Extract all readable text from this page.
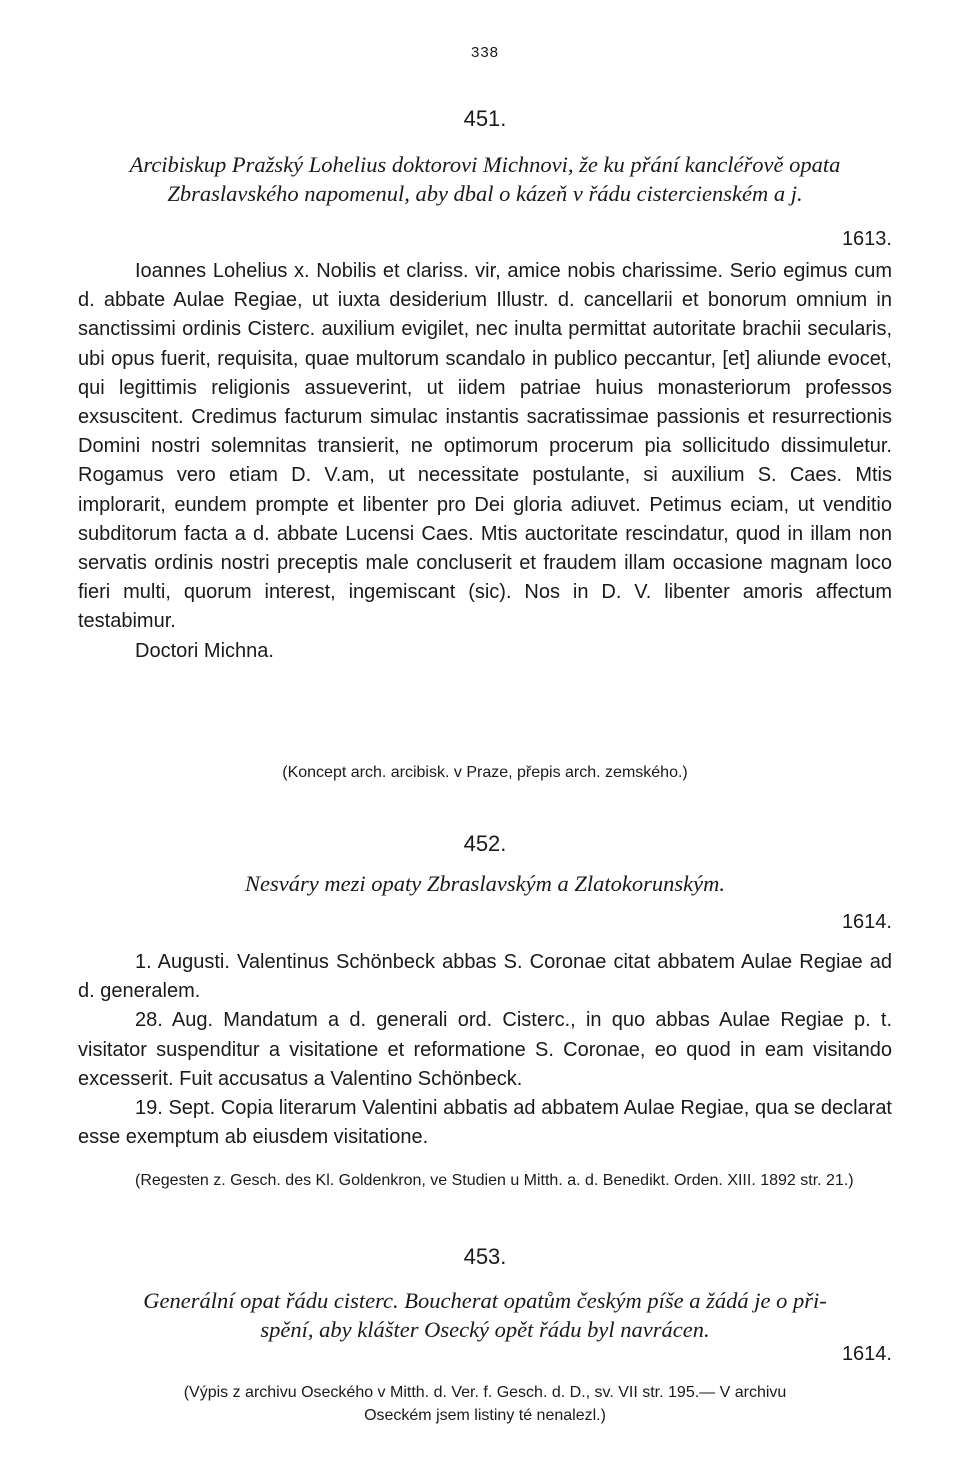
338
451.
Arcibiskup Pražský Lohelius doktorovi Michnovi, že ku přání kancléřově opata
Zbraslavského napomenul, aby dbal o kázeň v řádu cistercienském a j.
1613.

Ioannes Lohelius x. Nobilis et clariss. vir, amice nobis charissime. Serio egimus cum d. abbate Aulae Regiae, ut iuxta desiderium Illustr. d. cancellarii et bonorum omnium in sanctissimi ordinis Cisterc. auxilium evigilet, nec inulta permittat autoritate brachii secularis, ubi opus fuerit, requisita, quae multorum scandalo in publico peccantur, [et] aliunde evocet, qui legittimis religionis assueverint, ut iidem patriae huius monasteriorum professos exsuscitent. Credimus facturum simulac instantis sacratissimae passionis et resurrectionis Domini nostri solemnitas transierit, ne optimorum procerum pia sollicitudo dissimuletur. Rogamus vero etiam D. V.am, ut necessitate postulante, si auxilium S. Caes. Mtis implorarit, eundem prompte et libenter pro Dei gloria adiuvet. Petimus eciam, ut venditio subditorum facta a d. abbate Lucensi Caes. Mtis auctoritate rescindatur, quod in illam non servatis ordinis nostri preceptis male concluserit et fraudem illam occasione magnam loco fieri multi, quorum interest, ingemiscant (sic). Nos in D. V. libenter amoris affectum testabimur.

Doctori Michna.

(Koncept arch. arcibisk. v Praze, přepis arch. zemského.)
452.
Nesváry mezi opaty Zbraslavským a Zlatokorunským.
1614.

1. Augusti. Valentinus Schönbeck abbas S. Coronae citat abbatem Aulae Regiae ad d. generalem.

28. Aug. Mandatum a d. generali ord. Cisterc., in quo abbas Aulae Regiae p. t. visitator suspenditur a visitatione et reformatione S. Coronae, eo quod in eam visitando excesserit. Fuit accusatus a Valentino Schönbeck.

19. Sept. Copia literarum Valentini abbatis ad abbatem Aulae Regiae, qua se declarat esse exemptum ab eiusdem visitatione.

(Regesten z. Gesch. des Kl. Goldenkron, ve Studien u Mitth. a. d. Benedikt. Orden. XIII. 1892 str. 21.)

453.
Generální opat řádu cisterc. Boucherat opatům českým píše a žádá je o při-
spění, aby klášter Osecký opět řádu byl navrácen.
1614.
(Výpis z archivu Oseckého v Mitth. d. Ver. f. Gesch. d. D., sv. VII str. 195.— V archivu
Oseckém jsem listiny té nenalezl.)
